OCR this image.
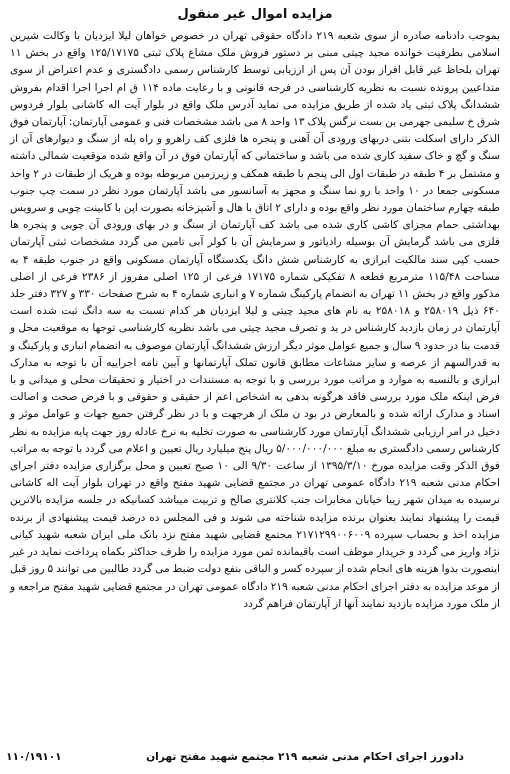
مزایده اموال غیر منقول

بموجب دادنامه صادره از سوی شعبه ۲۱۹ دادگاه حقوقی تهران در خصوص خواهان لیلا ایزدیان با وکالت شیرین اسلامی بطرفیت خوانده مجید چیتی مبنی بر دستور فروش ملک مشاع پلاک ثبتی ۱۲۵/۱۷۱۷۵ واقع در بخش ۱۱ تهران بلحاظ غیر قابل افراز بودن آن پس از ارزیابی توسط کارشناس رسمی دادگستری و عدم اعتراض از سوی متداعیین پرونده نسبت به نظریه کارشناسی در فرجه قانونی و با رعایت ماده ۱۱۴ ق ام اجرا اجرا اقدام بفروش ششدانگ پلاک ثبتی یاد شده از طریق مزایده می نماید آدرس ملک واقع در بلوار آیت اله کاشانی بلوار فردوس شرق خ سلیمی جهرمی بن بست نرگس پلاک ۱۳ واحد ۸ می باشد مشخصات فنی و عمومی آپارتمان: آپارتمان فوق الذکر دارای اسکلت بتنی دربهای ورودی آن آهنی و پنجره ها فلزی کف راهرو و راه پله از سنگ و دیوارهای آن از سنگ و گچ و خاک سفید کاری شده می باشد و ساختمانی که آپارتمان فوق در آن واقع شده موقعیت شمالی داشته و مشتمل بر ۴ طبقه در طبقات اول الی پنجم با طبقه همکف و زیرزمین مربوطه بوده و هریک از طبقات در ۲ واحد مسکونی جمعا در ۱۰ واحد با رو نما سنگ و مجهز به آسانسور می باشد آپارتمان مورد نظر در سمت چپ جنوب طبقه چهارم ساختمان مورد نظر واقع بوده و دارای ۲ اتاق با هال و آشپزخانه بصورت اپن با کابینت چوبی و سرویس بهداشتی حمام مجزای کاشی کاری شده می باشد کف آپارتمان از سنگ و در بهای ورودی آن چوبی و پنجره ها فلزی می باشد گرمایش آن بوسیله رادیاتور و سرمایش آن با کولر آبی تامین می گردد مشخصات ثبتی آپارتمان حسب کپی سند مالکیت ابرازی به کارشناس شش دانگ یکدستگاه آپارتمان مسکونی واقع در جنوب طبقه ۴ به مساحت ۱۱۵/۴۸ مترمربع قطعه ۸ تفکیکی شماره ۱۷۱۷۵ فرعی از ۱۲۵ اصلی مفروز از ۲۳۸۶ فرعی از اصلی مذکور واقع در بخش ۱۱ تهران به انضمام پارکینگ شماره ۷ و انباری شماره ۴ به شرح صفحات ۳۳۰ و ۳۲۷ دفتر جلد ۶۴۰ ذیل ۲۵۸۰۱۹ و ۲۵۸۰۱۸ به نام های مجید چیتی و لیلا ایزدیان هر کدام نسبت به سه دانگ ثبت شده است آپارتمان در زمان بازدید کارشناس در ید و تصرف مجید چیتی می باشد نظریه کارشناسی توجها به موقعیت محل و قدمت بنا در حدود ۹ سال و جمیع عوامل موثر دیگر ارزش ششدانگ آپارتمان موصوف به انضمام انباری و پارکینگ و به قدرالسهم از عرصه و سایر مشاعات مطابق قانون تملک آپارتمانها و آیین نامه اجراییه آن با توجه به مدارک ابرازی و بالنسبه به موارد و مراتب مورد بررسی و با توجه به مستندات در اختیار و تحقیقات محلی و میدانی و با فرض اینکه ملک مورد بررسی فاقد هرگونه بدهی به اشخاص اعم از حقیقی و حقوقی و با فرض صحت و اصالت اسناد و مدارک ارائه شده و بالمعارض در بود ن ملک از هرجهت و با در نظر گرفتن جمیع جهات و عوامل موثر و دخیل در امر ارزیابی ششدانگ آپارتمان مورد کارشناسی به صورت تخلیه به نرخ عادله روز جهت پایه مزایده به نظر کارشناس رسمی دادگستری به مبلغ ۵/۰۰۰/۰۰۰/۰۰۰ ریال پنج میلیارد ریال تعیین و اعلام می گردد با توجه به مراتب فوق الذکر وقت مزایده مورخ ۱۳۹۵/۳/۱۰ از ساعت ۹/۳۰ الی ۱۰ صبح تعیین و محل برگزاری مزایده دفتر اجرای احکام مدنی شعبه ۲۱۹ دادگاه عمومی تهران در مجتمع قضایی شهید مفتح واقع در تهران بلوار آیت اله کاشانی نرسیده به میدان شهر زیبا خیابان مخابرات جنب کلانتری صالح و تربیت میباشد کسانیکه در جلسه مزایده بالاترین قیمت را پیشنهاد نمایند بعنوان برنده مزایده شناخته می شوند و فی المجلس ده درصد قیمت پیشنهادی از برنده مزایده اخذ و بحساب سپرده ۲۱۷۱۲۹۹۰۰۶۰۰۹ مجتمع قضایی شهید مفتح نزد بانک ملی ایران شعبه شهید کیانی نژاد واریز می گردد و خریدار موظف است باقیمانده ثمن مورد مزایده را ظرف حداکثر یکماه پرداخت نماید در غیر اینصورت بدوا هزینه های انجام شده از سپرده کسر و الباقی بنفع دولت ضبط می گردد طالبین می توانند ۵ روز قبل از موعد مزایده به دفتر اجرای احکام مدنی شعبه ۲۱۹ دادگاه عمومی تهران در مجتمع قضایی شهید مفتح مراجعه و از ملک مورد مزایده بازدید نمایند آنها از آپارتمان فراهم گردد

دادورز اجرای احکام مدنی شعبه ۲۱۹ مجتمع شهید مفتح تهران
۱۱۰/۱۹۱۰۱
